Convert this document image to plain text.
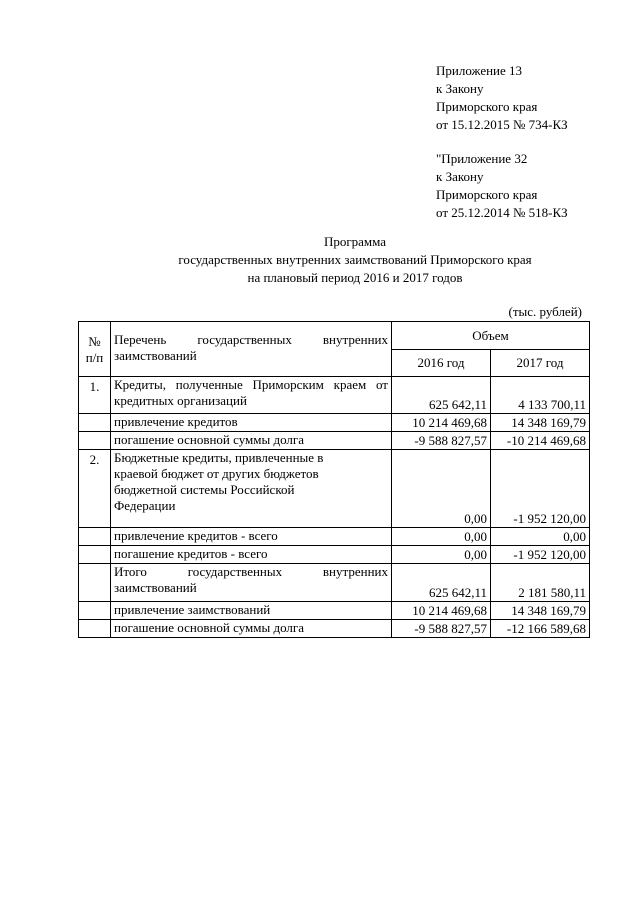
Приложение 13
к Закону
Приморского края
от 15.12.2015 № 734-КЗ
"Приложение 32
к Закону
Приморского края
от 25.12.2014 № 518-КЗ
Программа
государственных внутренних заимствований Приморского края
на плановый период 2016 и 2017 годов
(тыс. рублей)
№ п/п	Перечень государственных внутренних заимствований	Объем	
		2016 год	2017 год
1.	Кредиты, полученные Приморским краем от кредитных организаций	625 642,11	4 133 700,11
	привлечение кредитов	10 214 469,68	14 348 169,79
	погашение основной суммы долга	-9 588 827,57	-10 214 469,68
2.	Бюджетные кредиты, привлеченные в краевой бюджет от других бюджетов бюджетной системы Российской Федерации	0,00	-1 952 120,00
	привлечение кредитов - всего	0,00	0,00
	погашение кредитов - всего	0,00	-1 952 120,00
	Итого государственных внутренних заимствований	625 642,11	2 181 580,11
	привлечение заимствований	10 214 469,68	14 348 169,79
	погашение основной суммы долга	-9 588 827,57	-12 166 589,68
